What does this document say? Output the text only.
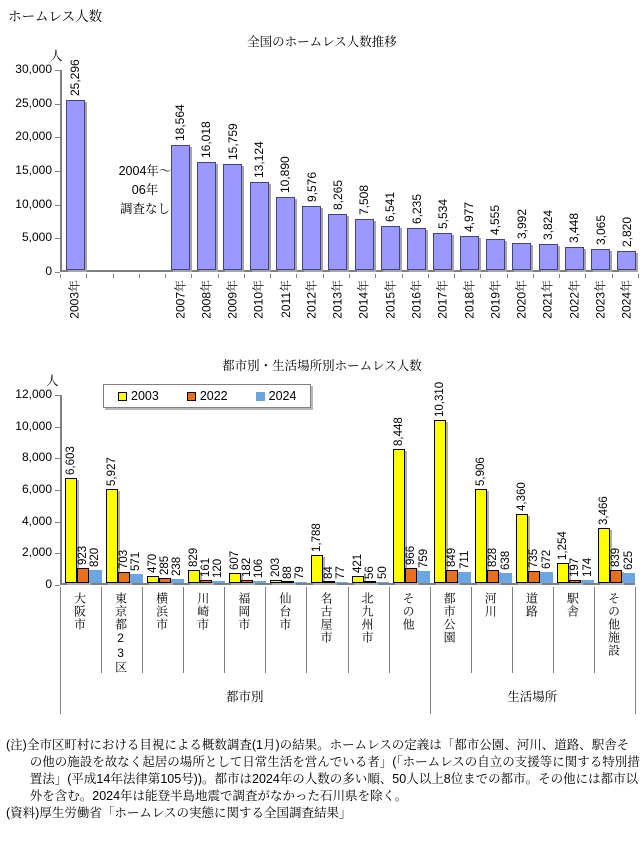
ホームレス人数
全国のホームレス人数推移
人
25,296
2003年
18,564
2007年
16,018
2008年
15,759
2009年
13,124
2010年
10,890
2011年
9,576
2012年
8,265
2013年
7,508
2014年
6,541
2015年
6,235
2016年
5,534
2017年
4,977
2018年
4,555
2019年
3,992
2020年
3,824
2021年
3,448
2022年
3,065
2023年
2,820
2024年
2004年〜
06年
調査なし
0
5,000
10,000
15,000
20,000
25,000
30,000
都市別・生活場所別ホームレス人数
人
6,603
923 820
5,927
703 571 470 285 238 829
161 120 607 182 106 203 88 79
1,788
84 77 421 56 50
8,448
966 759
10,310
849 711
5,906
828 638
4,360
735 672 1,254
197 174
3,466
839 625
2003	2022	2024
0
2,000
4,000
6,000
8,000
10,000
12,000
大阪市 東京都23区 横浜市 川崎市 福岡市 仙台市 名古屋市 北九州市 その他 都市公園 河川 道路 駅舎 その他施設
都市別	生活場所
(注)全市区町村における目視による概数調査(1月)の結果。ホームレスの定義は「都市公園、河川、道路、駅舎その他の施設を故なく起居の場所として日常生活を営んでいる者」(「ホームレスの自立の支援等に関する特別措置法」(平成14年法律第105号))。都市は2024年の人数の多い順、50人以上8位までの都市。その他には都市以外を含む。2024年は能登半島地震で調査がなかった石川県を除く。
(資料)厚生労働省「ホームレスの実態に関する全国調査結果」
